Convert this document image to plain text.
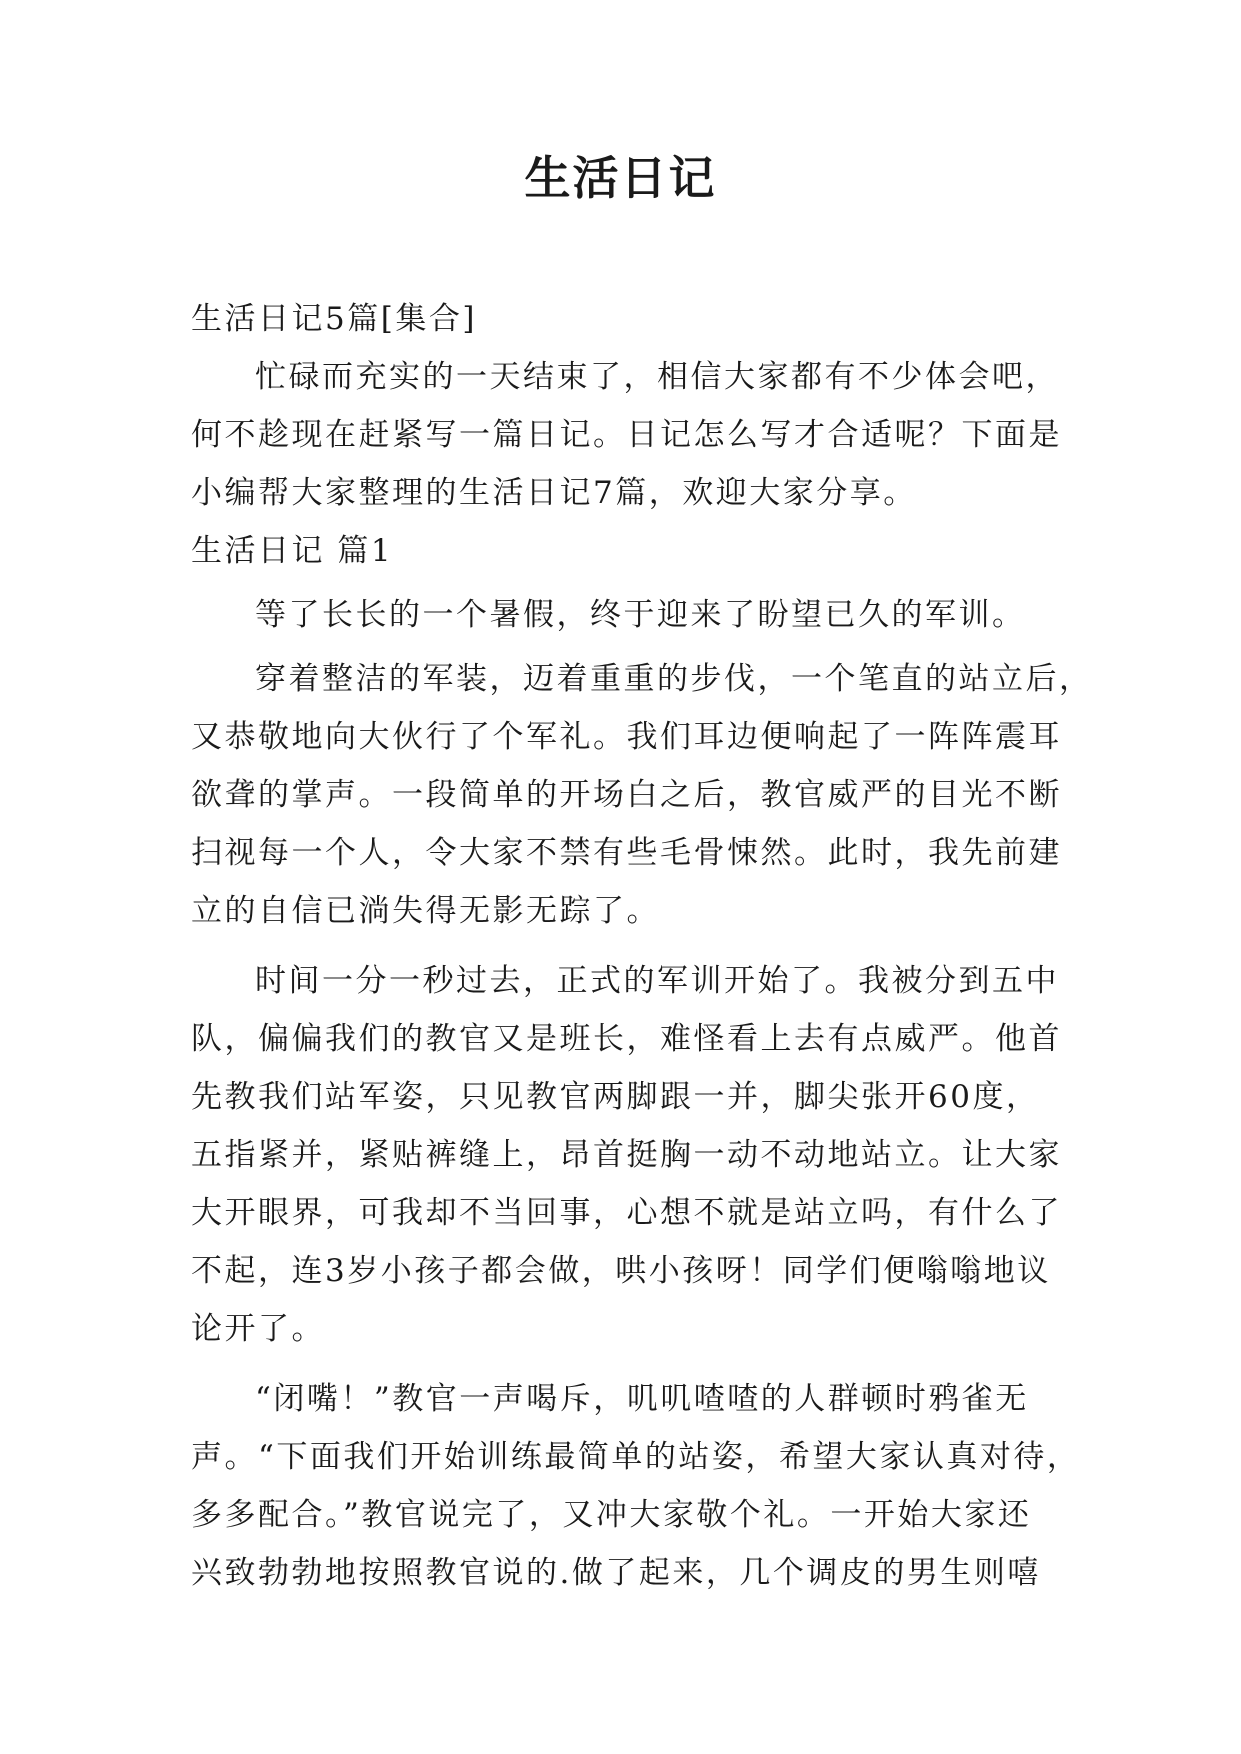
生活日记

生活日记5篇[集合]

忙碌而充实的一天结束了，相信大家都有不少体会吧，

何不趁现在赶紧写一篇日记。日记怎么写才合适呢？下面是

小编帮大家整理的生活日记7篇，欢迎大家分享。

生活日记 篇1

等了长长的一个暑假，终于迎来了盼望已久的军训。

穿着整洁的军装，迈着重重的步伐，一个笔直的站立后，

又恭敬地向大伙行了个军礼。我们耳边便响起了一阵阵震耳

欲聋的掌声。一段简单的开场白之后，教官威严的目光不断

扫视每一个人，令大家不禁有些毛骨悚然。此时，我先前建

立的自信已淌失得无影无踪了。

时间一分一秒过去，正式的军训开始了。我被分到五中

队，偏偏我们的教官又是班长，难怪看上去有点威严。他首

先教我们站军姿，只见教官两脚跟一并，脚尖张开60度，

五指紧并，紧贴裤缝上，昂首挺胸一动不动地站立。让大家

大开眼界，可我却不当回事，心想不就是站立吗，有什么了

不起，连3岁小孩子都会做，哄小孩呀！同学们便嗡嗡地议

论开了。

“闭嘴！”教官一声喝斥，叽叽喳喳的人群顿时鸦雀无

声。“下面我们开始训练最简单的站姿，希望大家认真对待，

多多配合。”教官说完了，又冲大家敬个礼。一开始大家还

兴致勃勃地按照教官说的.做了起来，几个调皮的男生则嘻
